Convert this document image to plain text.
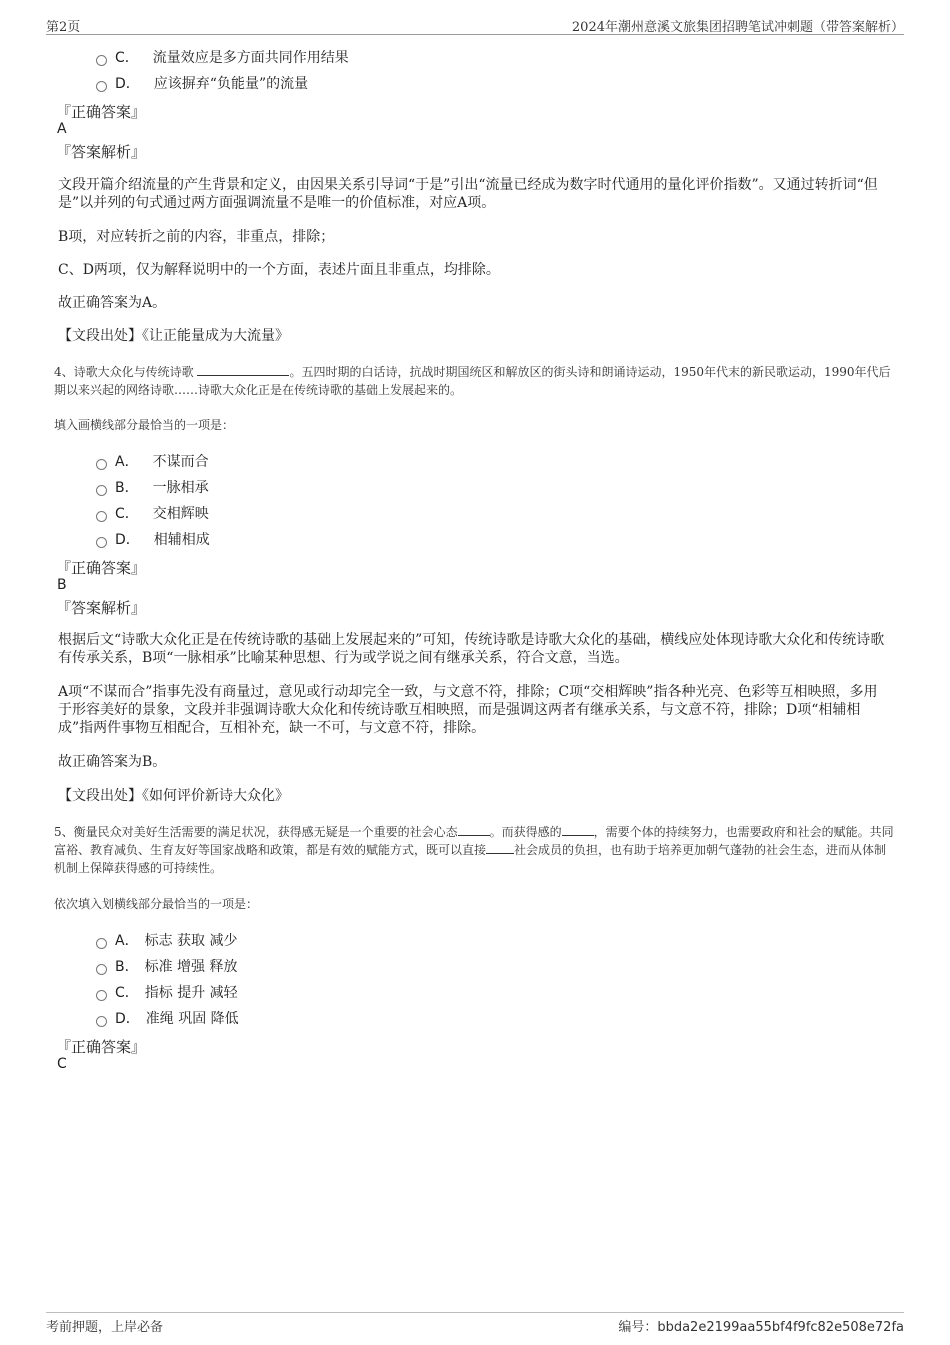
第2页	2024年潮州意溪文旅集团招聘笔试冲刺题（带答案解析）
C． 流量效应是多方面共同作用结果
D． 应该摒弃“负能量”的流量
『正确答案』
A
『答案解析』
文段开篇介绍流量的产生背景和定义，由因果关系引导词“于是”引出“流量已经成为数字时代通用的量化评价指数”。又通过转折词“但是”以并列的句式通过两方面强调流量不是唯一的价值标准，对应A项。
B项，对应转折之前的内容，非重点，排除；
C、D两项，仅为解释说明中的一个方面，表述片面且非重点，均排除。
故正确答案为A。
【文段出处】《让正能量成为大流量》
4、诗歌大众化与传统诗歌	。五四时期的白话诗，抗战时期国统区和解放区的街头诗和朗诵诗运动，1950年代末的新民歌运动，1990年代后期以来兴起的网络诗歌……诗歌大众化正是在传统诗歌的基础上发展起来的。
填入画横线部分最恰当的一项是：
A． 不谋而合
B． 一脉相承
C． 交相辉映
D． 相辅相成
『正确答案』
B
『答案解析』
根据后文“诗歌大众化正是在传统诗歌的基础上发展起来的”可知，传统诗歌是诗歌大众化的基础，横线应处体现诗歌大众化和传统诗歌有传承关系，B项“一脉相承”比喻某种思想、行为或学说之间有继承关系，符合文意，当选。
A项“不谋而合”指事先没有商量过，意见或行动却完全一致，与文意不符，排除；C项“交相辉映”指各种光亮、色彩等互相映照，多用于形容美好的景象，文段并非强调诗歌大众化和传统诗歌互相映照，而是强调这两者有继承关系，与文意不符，排除；D项“相辅相成”指两件事物互相配合，互相补充，缺一不可，与文意不符，排除。
故正确答案为B。
【文段出处】《如何评价新诗大众化》
5、衡量民众对美好生活需要的满足状况，获得感无疑是一个重要的社会心态	。而获得感的	，需要个体的持续努力，也需要政府和社会的赋能。共同富裕、教育减负、生育友好等国家战略和政策，都是有效的赋能方式，既可以直接 社会成员的负担，也有助于培养更加朝气蓬勃的社会生态，进而从体制机制上保障获得感的可持续性。
依次填入划横线部分最恰当的一项是：
A． 标志 获取 减少
B． 标准 增强 释放
C． 指标 提升 减轻
D． 准绳 巩固 降低
『正确答案』
C
考前押题，上岸必备	编号：bbda2e2199aa55bf4f9fc82e508e72fa
